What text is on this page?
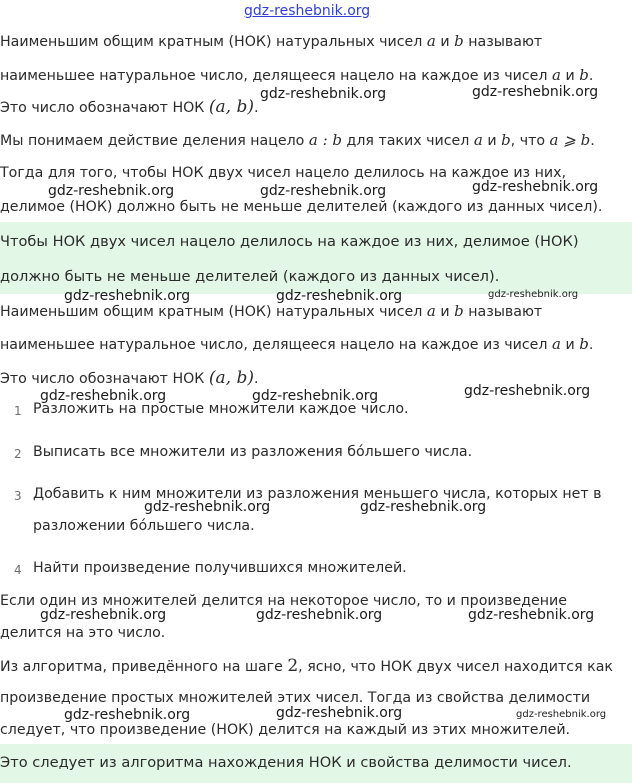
gdz-reshebnik.org
Наименьшим общим кратным (НОК) натуральных чисел a и b называют
наименьшее натуральное число, делящееся нацело на каждое из чисел a и b.
Это число обозначают НОК (a, b).
Мы понимаем действие деления нацело a : b для таких чисел a и b, что a ⩾ b.
Тогда для того, чтобы НОК двух чисел нацело делилось на каждое из них,
делимое (НОК) должно быть не меньше делителей (каждого из данных чисел).
Чтобы НОК двух чисел нацело делилось на каждое из них, делимое (НОК)
должно быть не меньше делителей (каждого из данных чисел).
Наименьшим общим кратным (НОК) натуральных чисел a и b называют
наименьшее натуральное число, делящееся нацело на каждое из чисел a и b.
Это число обозначают НОК (a, b).
1 Разложить на простые множители каждое число.
2 Выписать все множители из разложения бóльшего числа.
3 Добавить к ним множители из разложения меньшего числа, которых нет в
разложении бóльшего числа.
4 Найти произведение получившихся множителей.
Если один из множителей делится на некоторое число, то и произведение
делится на это число.
Из алгоритма, приведённого на шаге 2, ясно, что НОК двух чисел находится как
произведение простых множителей этих чисел. Тогда из свойства делимости
следует, что произведение (НОК) делится на каждый из этих множителей.
Это следует из алгоритма нахождения НОК и свойства делимости чисел.
gdz-reshebnik.org	gdz-reshebnik.org
gdz-reshebnik.org	gdz-reshebnik.org	gdz-reshebnik.org
gdz-reshebnik.org	gdz-reshebnik.org	gdz-reshebnik.org
gdz-reshebnik.org	gdz-reshebnik.org	gdz-reshebnik.org
gdz-reshebnik.org	gdz-reshebnik.org
gdz-reshebnik.org	gdz-reshebnik.org	gdz-reshebnik.org
gdz-reshebnik.org	gdz-reshebnik.org	gdz-reshebnik.org
